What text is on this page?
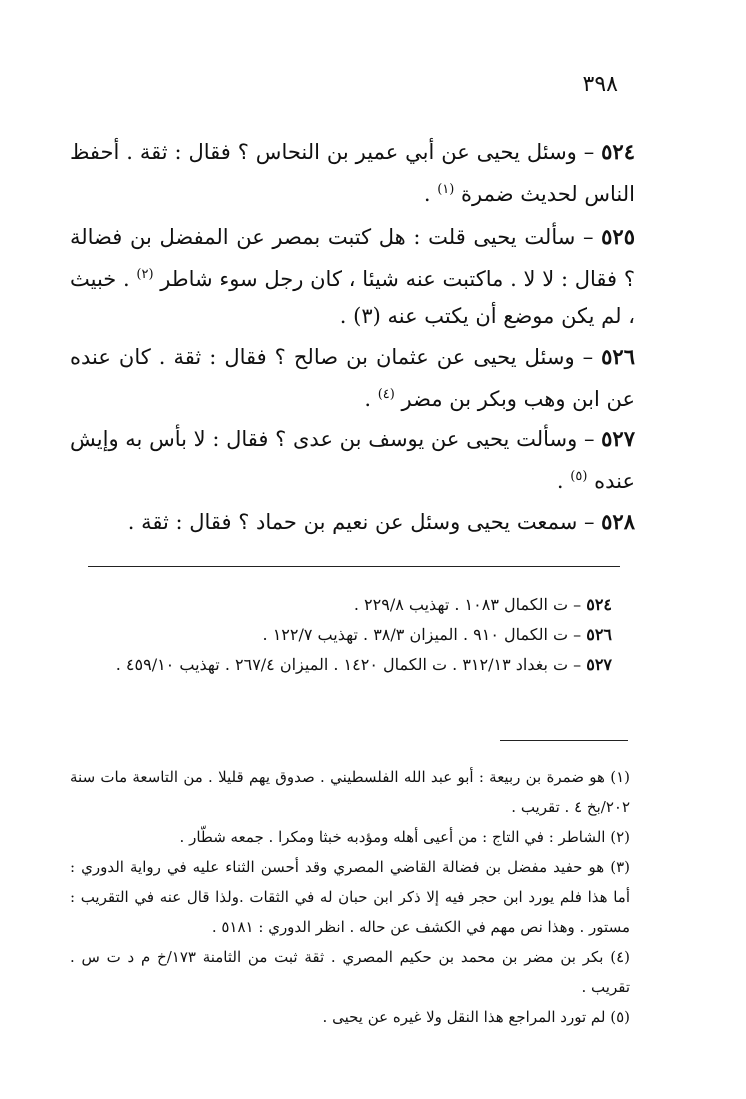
٣٩٨
٥٢٤ – وسئل يحيى عن أبي عمير بن النحاس ؟ فقال : ثقة . أحفظ الناس لحديث ضمرة $^{(١)}$ .
٥٢٥ – سألت يحيى قلت : هل كتبت بمصر عن المفضل بن فضالة ؟ فقال : لا لا . ماكتبت عنه شيئا ، كان رجل سوء شاطر $^{(٢)}$ . خبيث ، لم يكن موضع أن يكتب عنه (٣) .
٥٢٦ – وسئل يحيى عن عثمان بن صالح ؟ فقال : ثقة . كان عنده عن ابن وهب وبكر بن مضر $^{(٤)}$ .
٥٢٧ – وسألت يحيى عن يوسف بن عدى ؟ فقال : لا بأس به وإيش عنده $^{(٥)}$ .
٥٢٨ – سمعت يحيى وسئل عن نعيم بن حماد ؟ فقال : ثقة .
٥٢٤ – ت الكمال ١٠٨٣ . تهذيب ٢٢٩/٨ .
٥٢٦ – ت الكمال ٩١٠ . الميزان ٣٨/٣ . تهذيب ١٢٢/٧ .
٥٢٧ – ت بغداد ٣١٢/١٣ . ت الكمال ١٤٢٠ . الميزان ٢٦٧/٤ . تهذيب ٤٥٩/١٠ .
(١) هو ضمرة بن ربيعة : أبو عبد الله الفلسطيني . صدوق يهم قليلا . من التاسعة مات سنة ٢٠٢/بخ ٤ . تقريب .
(٢) الشاطر : في التاج : من أعيى أهله ومؤدبه خبثا ومكرا . جمعه شطّار .
(٣) هو حفيد مفضل بن فضالة القاضي المصري وقد أحسن الثناء عليه في رواية الدوري : أما هذا فلم يورد ابن حجر فيه إلا ذكر ابن حبان له في الثقات .ولذا قال عنه في التقريب : مستور . وهذا نص مهم في الكشف عن حاله . انظر الدوري : ٥١٨١ .
(٤) بكر بن مضر بن محمد بن حكيم المصري . ثقة ثبت من الثامنة ١٧٣/خ م د ت س . تقريب .
(٥) لم تورد المراجع هذا النقل ولا غيره عن يحيى .
